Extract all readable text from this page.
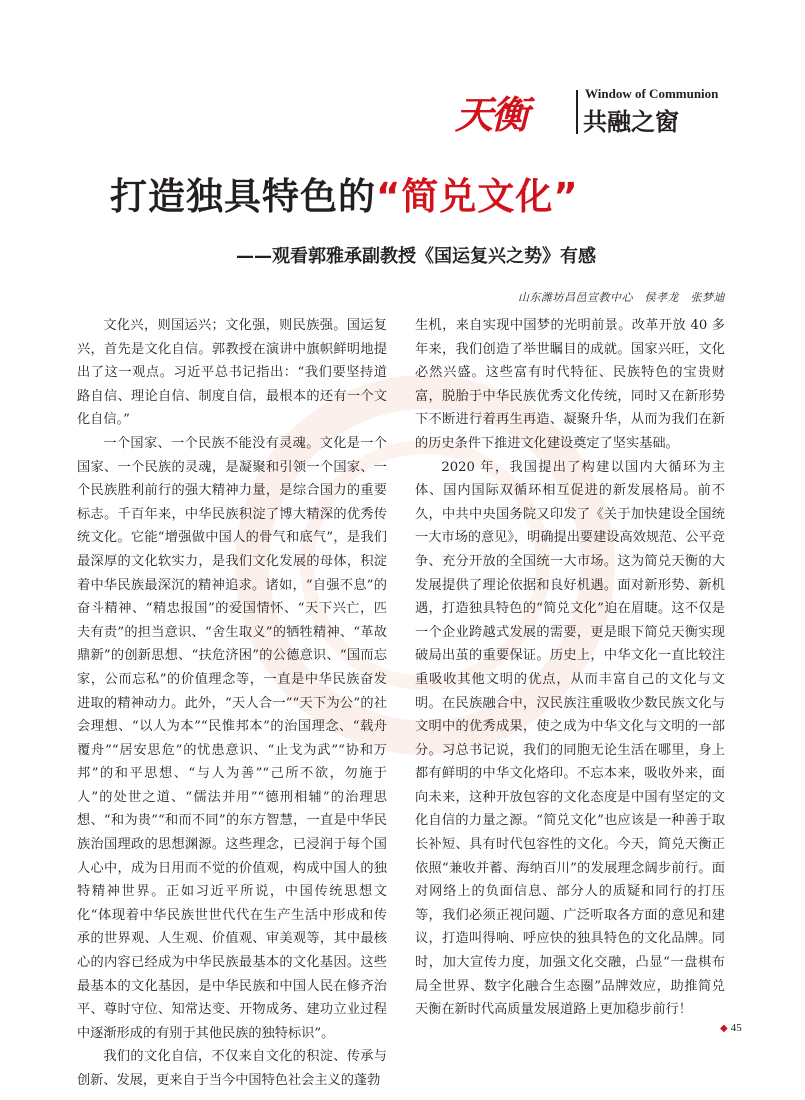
天衡	Window of Communion
共融之窗
打造独具特色的“简兑文化”
——观看郭雅承副教授《国运复兴之势》有感
山东潍坊昌邑宣教中心　侯孝龙　张梦迪

文化兴，则国运兴；文化强，则民族强。国运复兴，首先是文化自信。郭教授在演讲中旗帜鲜明地提出了这一观点。习近平总书记指出：“我们要坚持道路自信、理论自信、制度自信，最根本的还有一个文化自信。”

一个国家、一个民族不能没有灵魂。文化是一个国家、一个民族的灵魂，是凝聚和引领一个国家、一个民族胜利前行的强大精神力量，是综合国力的重要标志。千百年来，中华民族积淀了博大精深的优秀传统文化。它能“增强做中国人的骨气和底气”，是我们最深厚的文化软实力，是我们文化发展的母体，积淀着中华民族最深沉的精神追求。诸如，“自强不息”的奋斗精神、“精忠报国”的爱国情怀、“天下兴亡，匹夫有责”的担当意识、“舍生取义”的牺牲精神、“革故鼎新”的创新思想、“扶危济困”的公德意识、“国而忘家，公而忘私”的价值理念等，一直是中华民族奋发进取的精神动力。此外，“天人合一”“天下为公”的社会理想、“以人为本”“民惟邦本”的治国理念、“载舟覆舟”“居安思危”的忧患意识、“止戈为武”“协和万邦”的和平思想、“与人为善”“己所不欲，勿施于人”的处世之道、“儒法并用”“德刑相辅”的治理思想、“和为贵”“和而不同”的东方智慧，一直是中华民族治国理政的思想渊源。这些理念，已浸润于每个国人心中，成为日用而不觉的价值观，构成中国人的独特精神世界。正如习近平所说，中国传统思想文化“体现着中华民族世世代代在生产生活中形成和传承的世界观、人生观、价值观、审美观等，其中最核心的内容已经成为中华民族最基本的文化基因。这些最基本的文化基因，是中华民族和中国人民在修齐治平、尊时守位、知常达变、开物成务、建功立业过程中逐渐形成的有别于其他民族的独特标识”。

我们的文化自信，不仅来自文化的积淀、传承与创新、发展，更来自于当今中国特色社会主义的蓬勃

生机，来自实现中国梦的光明前景。改革开放 40 多年来，我们创造了举世瞩目的成就。国家兴旺，文化必然兴盛。这些富有时代特征、民族特色的宝贵财富，脱胎于中华民族优秀文化传统，同时又在新形势下不断进行着再生再造、凝聚升华，从而为我们在新的历史条件下推进文化建设奠定了坚实基础。

2020 年，我国提出了构建以国内大循环为主体、国内国际双循环相互促进的新发展格局。前不久，中共中央国务院又印发了《关于加快建设全国统一大市场的意见》，明确提出要建设高效规范、公平竞争、充分开放的全国统一大市场。这为简兑天衡的大发展提供了理论依据和良好机遇。面对新形势、新机遇，打造独具特色的“简兑文化”迫在眉睫。这不仅是一个企业跨越式发展的需要，更是眼下简兑天衡实现破局出茧的重要保证。历史上，中华文化一直比较注重吸收其他文明的优点，从而丰富自己的文化与文明。在民族融合中，汉民族注重吸收少数民族文化与文明中的优秀成果，使之成为中华文化与文明的一部分。习总书记说，我们的同胞无论生活在哪里，身上都有鲜明的中华文化烙印。不忘本来，吸收外来，面向未来，这种开放包容的文化态度是中国有坚定的文化自信的力量之源。“简兑文化”也应该是一种善于取长补短、具有时代包容性的文化。今天，简兑天衡正依照“兼收并蓄、海纳百川”的发展理念阔步前行。面对网络上的负面信息、部分人的质疑和同行的打压等，我们必须正视问题、广泛听取各方面的意见和建议，打造叫得响、呼应快的独具特色的文化品牌。同时，加大宣传力度，加强文化交融，凸显“一盘棋布局全世界、数字化融合生态圈”品牌效应，助推简兑天衡在新时代高质量发展道路上更加稳步前行！

◆ 45
